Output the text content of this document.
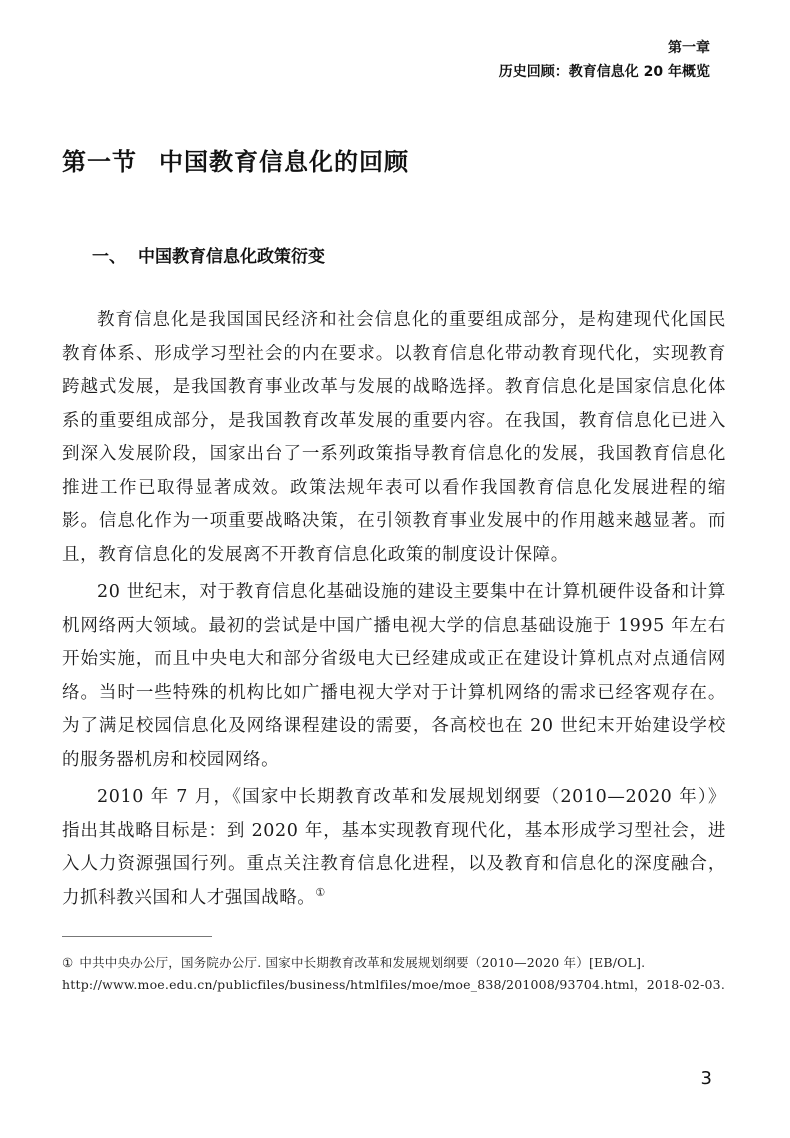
第一章
历史回顾：教育信息化 20 年概览
第一节 中国教育信息化的回顾
一、 中国教育信息化政策衍变

教育信息化是我国国民经济和社会信息化的重要组成部分，是构建现代化国民教育体系、形成学习型社会的内在要求。以教育信息化带动教育现代化，实现教育跨越式发展，是我国教育事业改革与发展的战略选择。教育信息化是国家信息化体系的重要组成部分，是我国教育改革发展的重要内容。在我国，教育信息化已进入到深入发展阶段，国家出台了一系列政策指导教育信息化的发展，我国教育信息化推进工作已取得显著成效。政策法规年表可以看作我国教育信息化发展进程的缩影。信息化作为一项重要战略决策，在引领教育事业发展中的作用越来越显著。而且，教育信息化的发展离不开教育信息化政策的制度设计保障。

20 世纪末，对于教育信息化基础设施的建设主要集中在计算机硬件设备和计算机网络两大领域。最初的尝试是中国广播电视大学的信息基础设施于 1995 年左右开始实施，而且中央电大和部分省级电大已经建成或正在建设计算机点对点通信网络。当时一些特殊的机构比如广播电视大学对于计算机网络的需求已经客观存在。为了满足校园信息化及网络课程建设的需要，各高校也在 20 世纪末开始建设学校的服务器机房和校园网络。

2010 年 7 月，《国家中长期教育改革和发展规划纲要（2010—2020 年）》指出其战略目标是：到 2020 年，基本实现教育现代化，基本形成学习型社会，进入人力资源强国行列。重点关注教育信息化进程，以及教育和信息化的深度融合，力抓科教兴国和人才强国战略。①

① 中共中央办公厅，国务院办公厅. 国家中长期教育改革和发展规划纲要（2010—2020 年）[EB/OL]. http://www.moe.edu.cn/publicfiles/business/htmlfiles/moe/moe_838/201008/93704.html，2018-02-03.
3
